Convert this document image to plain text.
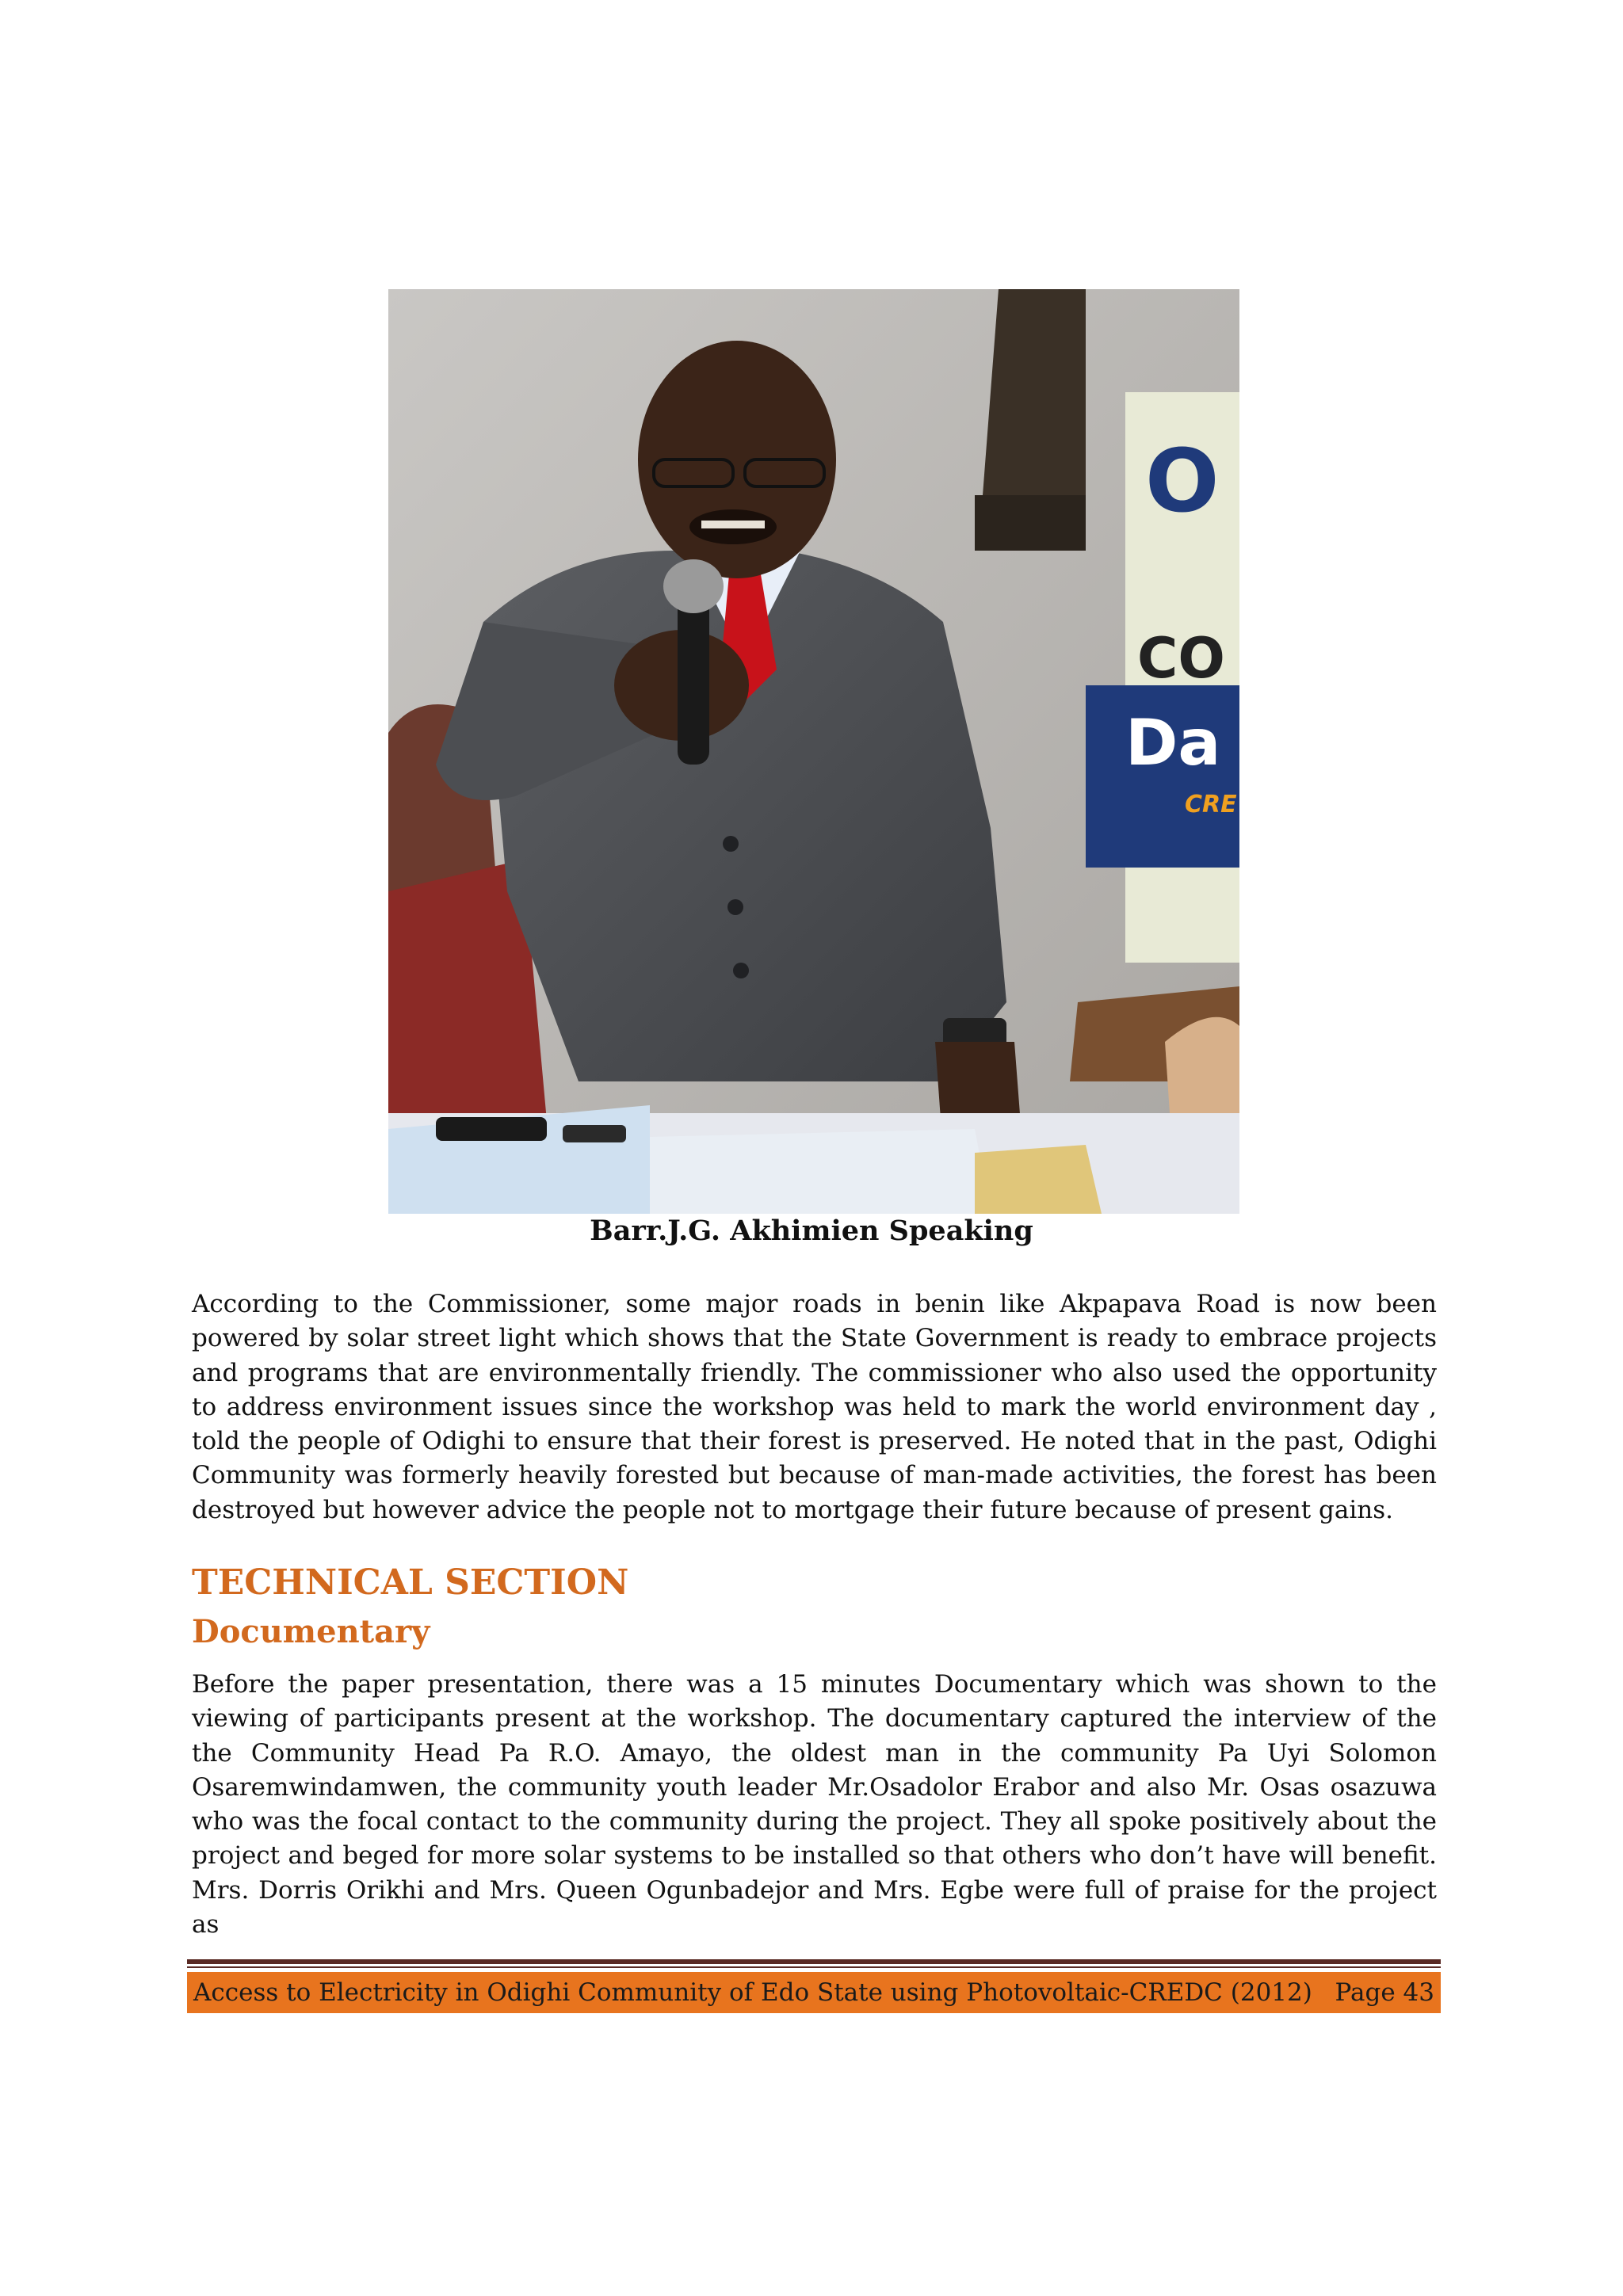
O
CO
Da
CRE
Barr.J.G. Akhimien Speaking

According to the Commissioner, some major roads in benin like Akpapava Road is now been powered by solar street light which shows that the State Government is ready to embrace projects and programs that are environmentally friendly. The commissioner who also used the opportunity to address environment issues since the workshop was held to mark the world environment day , told the people of Odighi to ensure that their forest is preserved. He noted that in the past, Odighi Community was formerly heavily forested but because of man-made activities, the forest has been destroyed but however advice the people not to mortgage their future because of present gains.

TECHNICAL SECTION
Documentary

Before the paper presentation, there was a 15 minutes Documentary which was shown to the viewing of participants present at the workshop. The documentary captured the interview of the the Community Head Pa R.O. Amayo, the oldest man in the community Pa Uyi Solomon Osaremwindamwen, the community youth leader Mr.Osadolor Erabor and also Mr. Osas osazuwa who was the focal contact to the community during the project. They all spoke positively about the project and beged for more solar systems to be installed so that others who don’t have will benefit. Mrs. Dorris Orikhi and Mrs. Queen Ogunbadejor and Mrs. Egbe were full of praise for the project as

Access to Electricity in Odighi Community of Edo State using Photovoltaic-CREDC (2012) Page 43
